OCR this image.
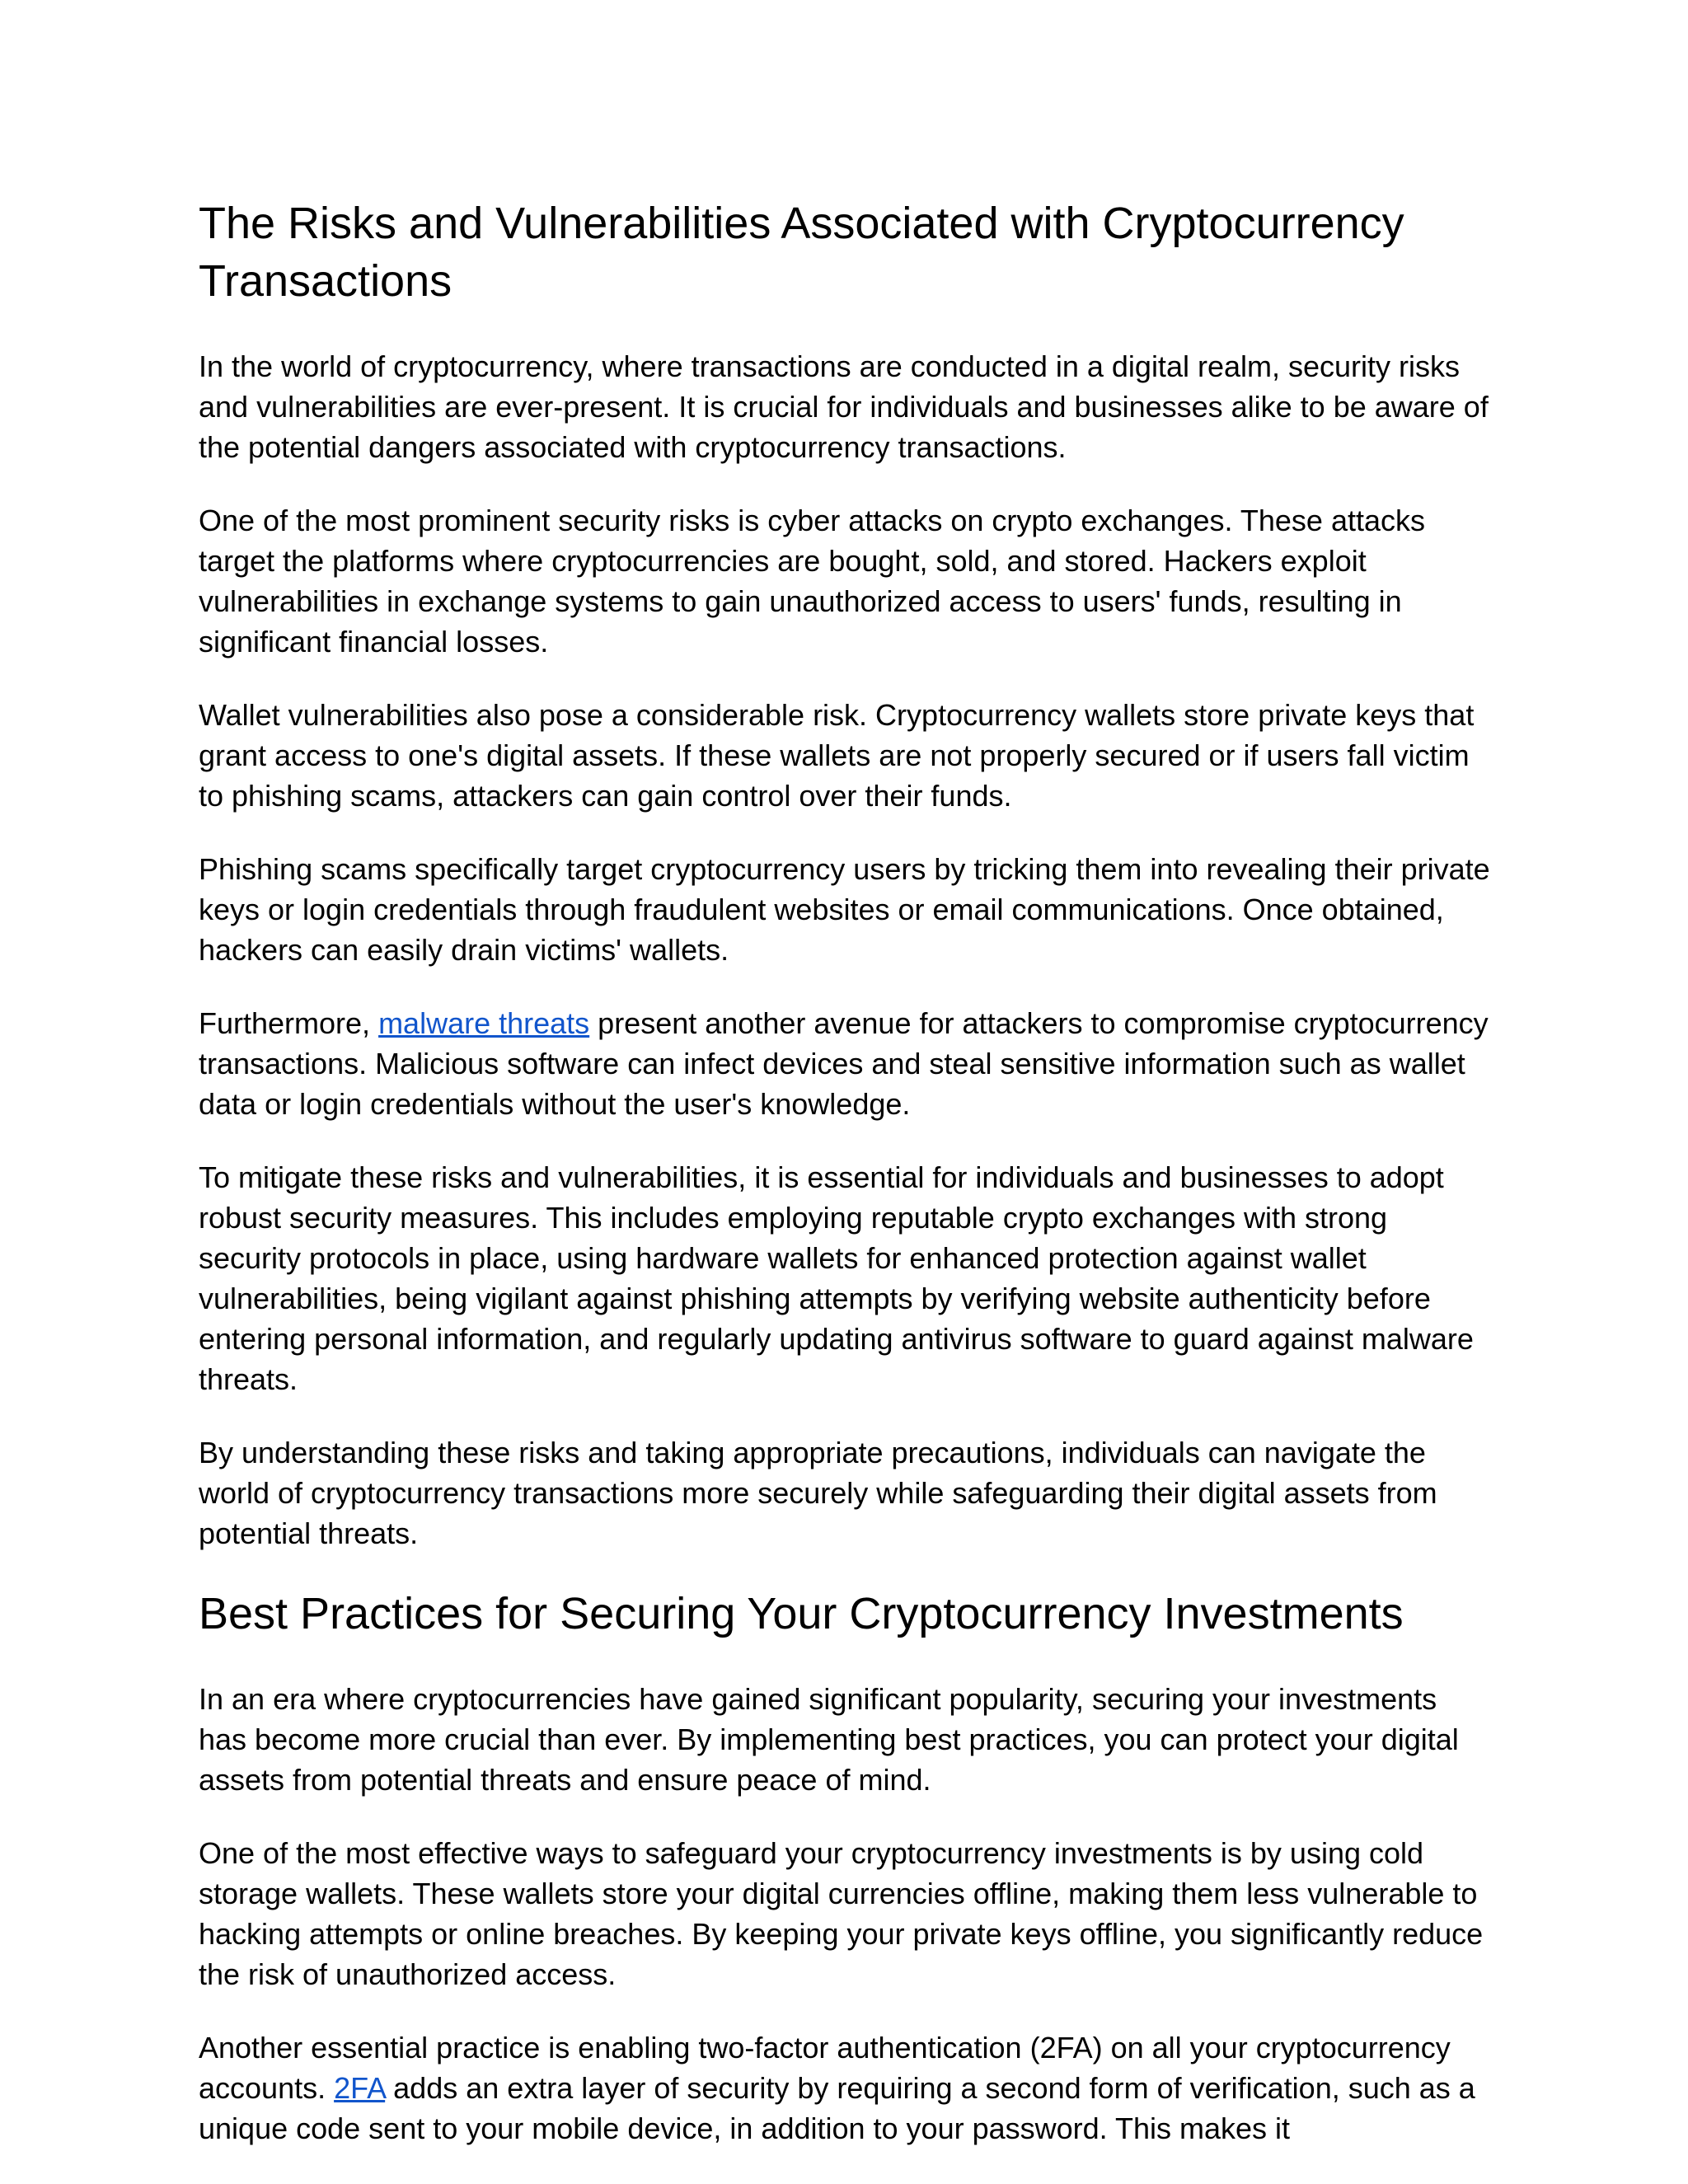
The Risks and Vulnerabilities Associated with Cryptocurrency Transactions

In the world of cryptocurrency, where transactions are conducted in a digital realm, security risks and vulnerabilities are ever-present. It is crucial for individuals and businesses alike to be aware of the potential dangers associated with cryptocurrency transactions.

One of the most prominent security risks is cyber attacks on crypto exchanges. These attacks target the platforms where cryptocurrencies are bought, sold, and stored. Hackers exploit vulnerabilities in exchange systems to gain unauthorized access to users' funds, resulting in significant financial losses.

Wallet vulnerabilities also pose a considerable risk. Cryptocurrency wallets store private keys that grant access to one's digital assets. If these wallets are not properly secured or if users fall victim to phishing scams, attackers can gain control over their funds.

Phishing scams specifically target cryptocurrency users by tricking them into revealing their private keys or login credentials through fraudulent websites or email communications. Once obtained, hackers can easily drain victims' wallets.

Furthermore, malware threats present another avenue for attackers to compromise cryptocurrency transactions. Malicious software can infect devices and steal sensitive information such as wallet data or login credentials without the user's knowledge.

To mitigate these risks and vulnerabilities, it is essential for individuals and businesses to adopt robust security measures. This includes employing reputable crypto exchanges with strong security protocols in place, using hardware wallets for enhanced protection against wallet vulnerabilities, being vigilant against phishing attempts by verifying website authenticity before entering personal information, and regularly updating antivirus software to guard against malware threats.

By understanding these risks and taking appropriate precautions, individuals can navigate the world of cryptocurrency transactions more securely while safeguarding their digital assets from potential threats.

Best Practices for Securing Your Cryptocurrency Investments

In an era where cryptocurrencies have gained significant popularity, securing your investments has become more crucial than ever. By implementing best practices, you can protect your digital assets from potential threats and ensure peace of mind.

One of the most effective ways to safeguard your cryptocurrency investments is by using cold storage wallets. These wallets store your digital currencies offline, making them less vulnerable to hacking attempts or online breaches. By keeping your private keys offline, you significantly reduce the risk of unauthorized access.

Another essential practice is enabling two-factor authentication (2FA) on all your cryptocurrency accounts. 2FA adds an extra layer of security by requiring a second form of verification, such as a unique code sent to your mobile device, in addition to your password. This makes it
